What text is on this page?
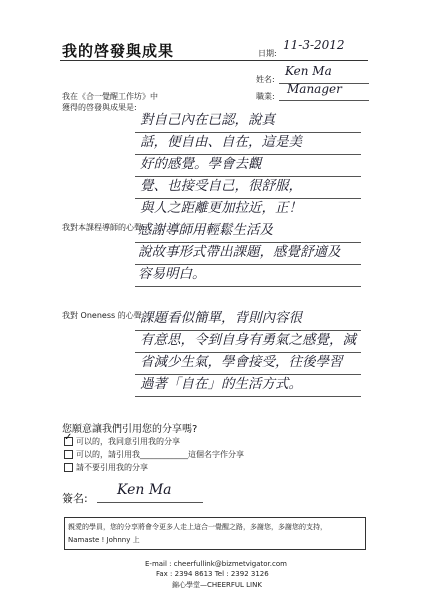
我的啓發與成果	日期:
11-3-2012
姓名:
Ken Ma
職業:
Manager
我在《合一覺醒工作坊》中
獲得的啓發與成果是:
對自己內在已認，說真
話，便自由、自在，這是美
好的感覺。學會去觀
覺、也接受自己，很舒服，
與人之距離更加拉近，正！
我對本課程導師的心聲:
感謝導師用輕鬆生活及
說故事形式帶出課題，感覺舒適及
容易明白。
我對 Oneness 的心聲:
課題看似簡單，背則內容很
有意思，令到自身有勇氣之感覺，減
省減少生氣，學會接受，往後學習
過著「自在」的生活方式。
您願意讓我們引用您的分享嗎?
✓可以的，我同意引用我的分享
可以的，請引用我____________這個名字作分享
請不要引用我的分享
簽名:
Ken Ma
親愛的學員，您的分享將會令更多人走上這合一覺醒之路，多謝您，多謝您的支持，
Namaste ! Johnny 上
E-mail : cheerfullink@bizmetvigator.com
Fax : 2394 8613 Tel : 2392 3126
錦心學堂—CHEERFUL LINK
